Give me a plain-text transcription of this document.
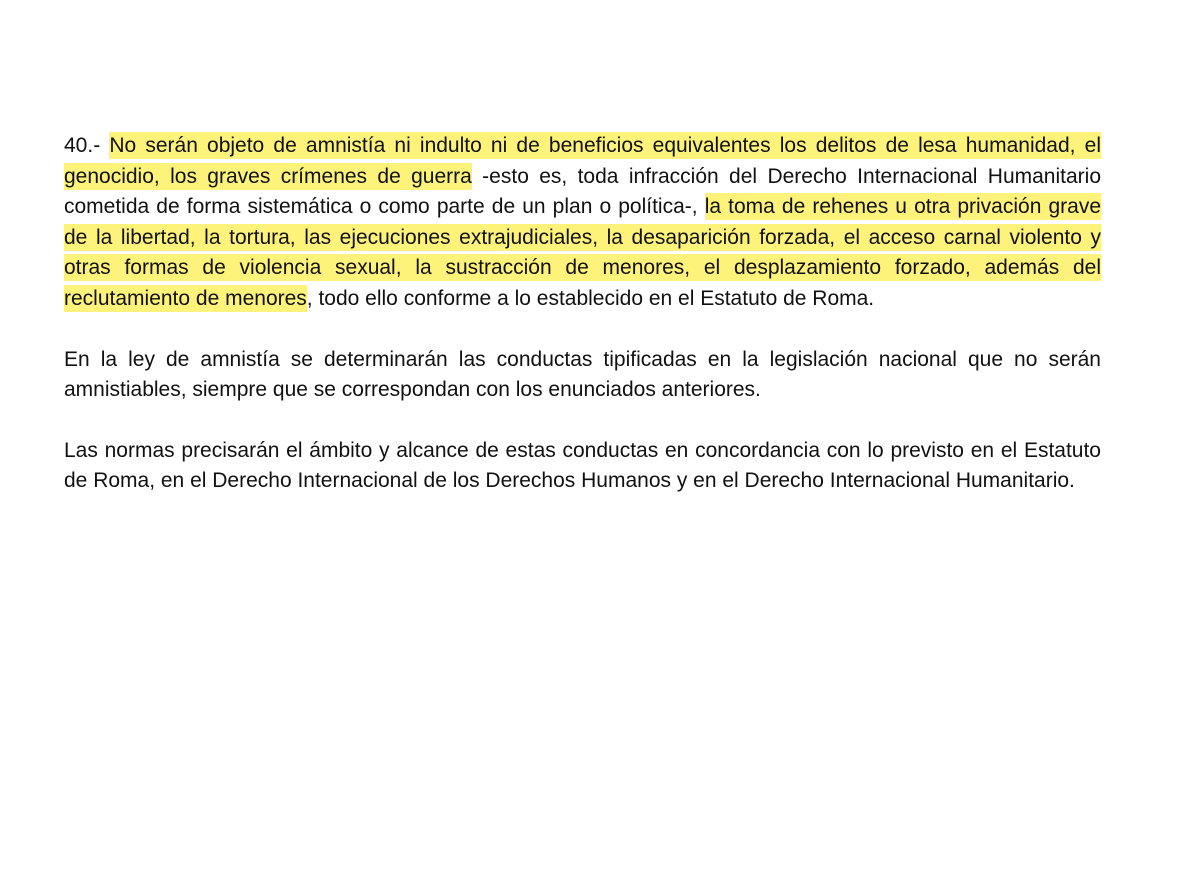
40.- No serán objeto de amnistía ni indulto ni de beneficios equivalentes los delitos de lesa humanidad, el genocidio, los graves crímenes de guerra -esto es, toda infracción del Derecho Internacional Humanitario cometida de forma sistemática o como parte de un plan o política-, la toma de rehenes u otra privación grave de la libertad, la tortura, las ejecuciones extrajudiciales, la desaparición forzada, el acceso carnal violento y otras formas de violencia sexual, la sustracción de menores, el desplazamiento forzado, además del reclutamiento de menores, todo ello conforme a lo establecido en el Estatuto de Roma.

En la ley de amnistía se determinarán las conductas tipificadas en la legislación nacional que no serán amnistiables, siempre que se correspondan con los enunciados anteriores.

Las normas precisarán el ámbito y alcance de estas conductas en concordancia con lo previsto en el Estatuto de Roma, en el Derecho Internacional de los Derechos Humanos y en el Derecho Internacional Humanitario.
